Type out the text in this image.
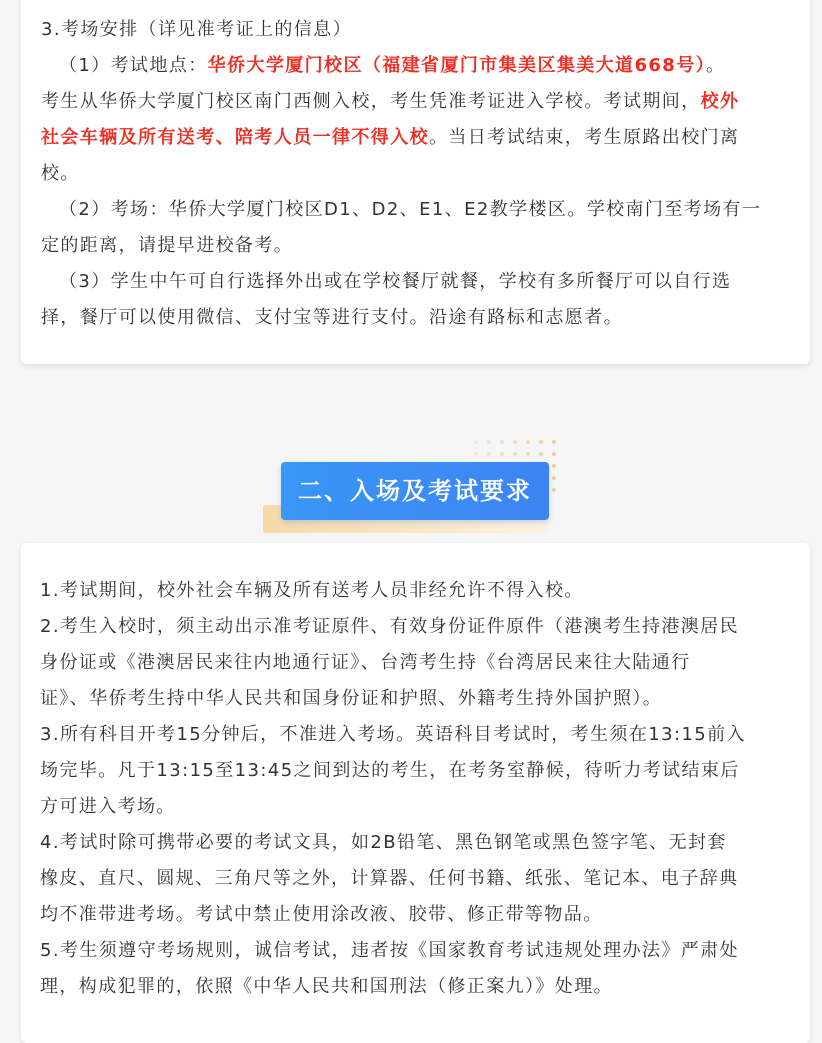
3.考场安排（详见准考证上的信息）
（1）考试地点：华侨大学厦门校区（福建省厦门市集美区集美大道668号）。
考生从华侨大学厦门校区南门西侧入校，考生凭准考证进入学校。考试期间，校外
社会车辆及所有送考、陪考人员一律不得入校。当日考试结束，考生原路出校门离
校。
（2）考场：华侨大学厦门校区D1、D2、E1、E2教学楼区。学校南门至考场有一
定的距离，请提早进校备考。
（3）学生中午可自行选择外出或在学校餐厅就餐，学校有多所餐厅可以自行选
择，餐厅可以使用微信、支付宝等进行支付。沿途有路标和志愿者。
二、入场及考试要求
1.考试期间，校外社会车辆及所有送考人员非经允许不得入校。
2.考生入校时，须主动出示准考证原件、有效身份证件原件（港澳考生持港澳居民
身份证或《港澳居民来往内地通行证》、台湾考生持《台湾居民来往大陆通行
证》、华侨考生持中华人民共和国身份证和护照、外籍考生持外国护照）。
3.所有科目开考15分钟后，不准进入考场。英语科目考试时，考生须在13:15前入
场完毕。凡于13:15至13:45之间到达的考生，在考务室静候，待听力考试结束后
方可进入考场。
4.考试时除可携带必要的考试文具，如2B铅笔、黑色钢笔或黑色签字笔、无封套
橡皮、直尺、圆规、三角尺等之外，计算器、任何书籍、纸张、笔记本、电子辞典
均不准带进考场。考试中禁止使用涂改液、胶带、修正带等物品。
5.考生须遵守考场规则，诚信考试，违者按《国家教育考试违规处理办法》严肃处
理，构成犯罪的，依照《中华人民共和国刑法（修正案九）》处理。
